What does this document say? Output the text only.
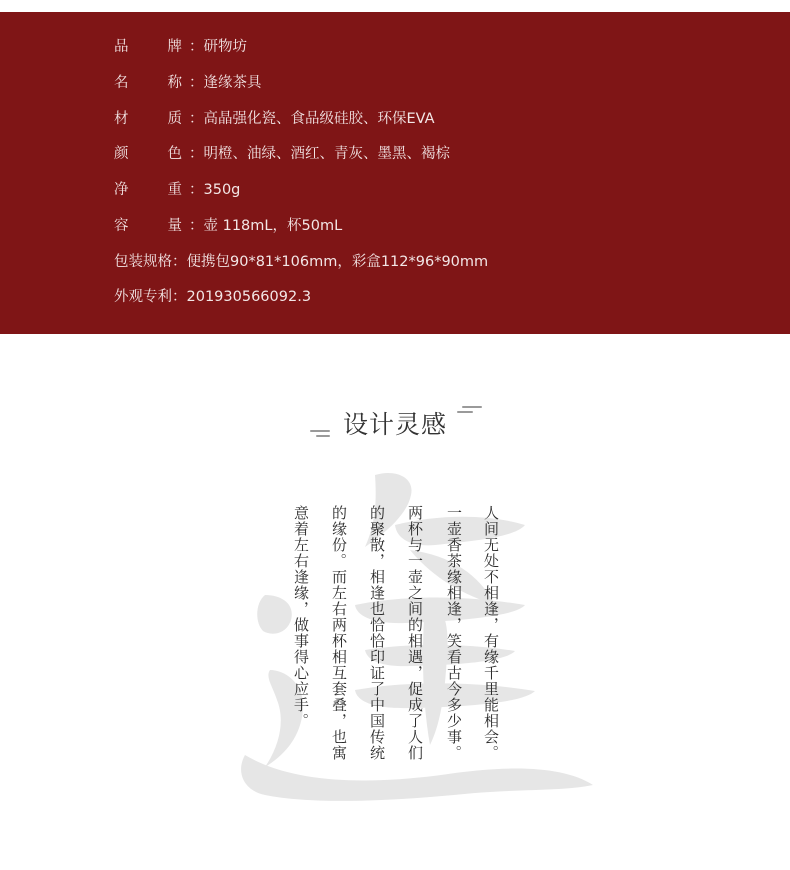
品	牌 ：研物坊
名	称 ：逢缘茶具
材	质 ：高晶强化瓷、食品级硅胶、环保EVA
颜	色 ：明橙、油绿、酒红、青灰、墨黑、褐棕
净	重 ：350g
容	量 ：壶 118mL，杯50mL
包装规格：便携包90*81*106mm，彩盒112*96*90mm
外观专利：201930566092.3
设计灵感
人间无处不相逢，有缘千里能相会。
一壶香茶缘相逢，笑看古今多少事。
两杯与一壶之间的相遇，促成了人们
的聚散，相逢也恰恰印证了中国传统
的缘份。而左右两杯相互套叠，也寓
意着左右逢缘，做事得心应手。
